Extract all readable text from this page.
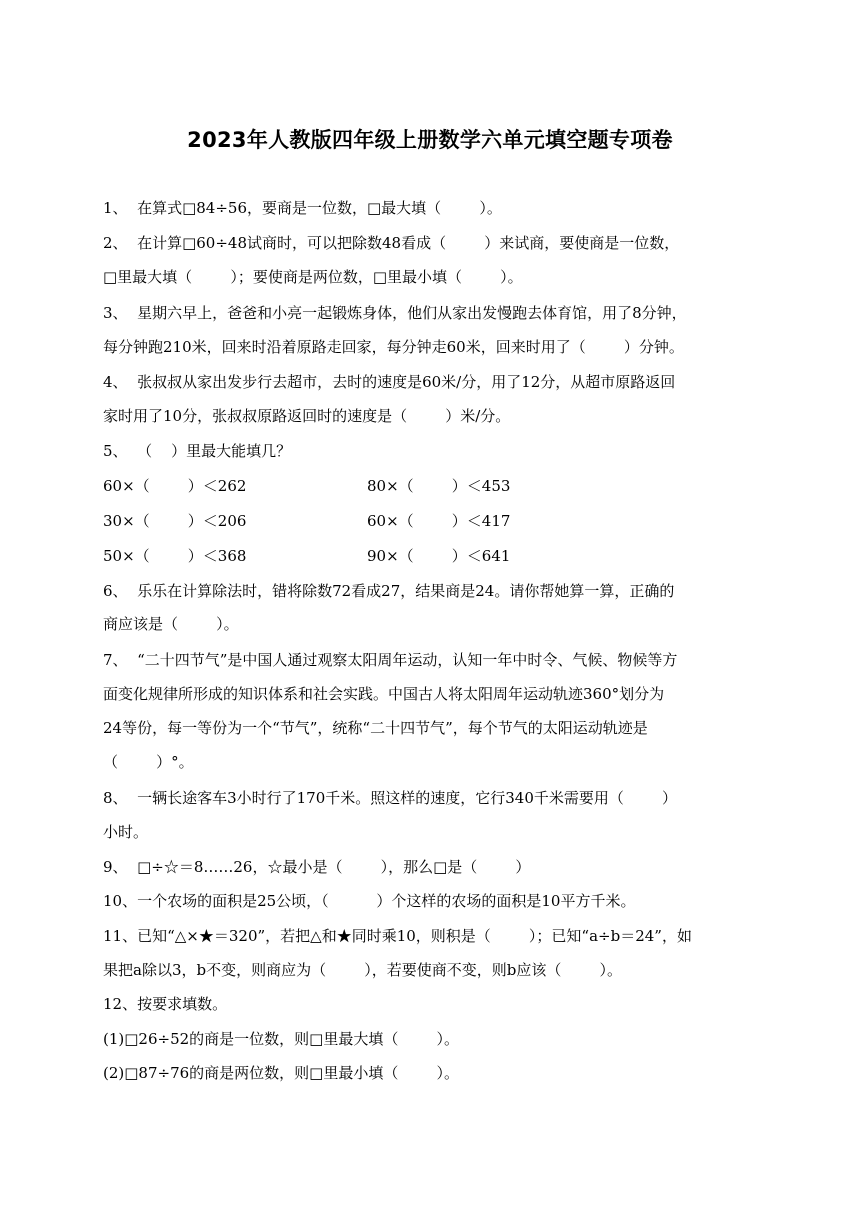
2023年人教版四年级上册数学六单元填空题专项卷
1、  在算式□84÷56，要商是一位数，□最大填（        ）。
2、  在计算□60÷48试商时，可以把除数48看成（        ）来试商，要使商是一位数，
□里最大填（        ）；要使商是两位数，□里最小填（        ）。
3、  星期六早上，爸爸和小亮一起锻炼身体，他们从家出发慢跑去体育馆，用了8分钟，
每分钟跑210米，回来时沿着原路走回家，每分钟走60米，回来时用了（        ）分钟。
4、  张叔叔从家出发步行去超市，去时的速度是60米/分，用了12分，从超市原路返回
家时用了10分，张叔叔原路返回时的速度是（        ）米/分。
5、  （    ）里最大能填几？
60×（        ）＜262	80×（        ）＜453
30×（        ）＜206	60×（        ）＜417
50×（        ）＜368	90×（        ）＜641
6、  乐乐在计算除法时，错将除数72看成27，结果商是24。请你帮她算一算，正确的
商应该是（        ）。
7、  “二十四节气”是中国人通过观察太阳周年运动，认知一年中时令、气候、物候等方
面变化规律所形成的知识体系和社会实践。中国古人将太阳周年运动轨迹360°划分为
24等份，每一等份为一个“节气”，统称“二十四节气”，每个节气的太阳运动轨迹是
（        ）°。
8、  一辆长途客车3小时行了170千米。照这样的速度，它行340千米需要用（        ）
小时。
9、  □÷☆＝8……26，☆最小是（        ），那么□是（        ）
10、一个农场的面积是25公顷，（          ）个这样的农场的面积是10平方千米。
11、已知“△×★＝320”，若把△和★同时乘10，则积是（        ）；已知“a÷b＝24”，如
果把a除以3，b不变，则商应为（        ），若要使商不变，则b应该（        ）。
12、按要求填数。
(1)□26÷52的商是一位数，则□里最大填（        ）。
(2)□87÷76的商是两位数，则□里最小填（        ）。
